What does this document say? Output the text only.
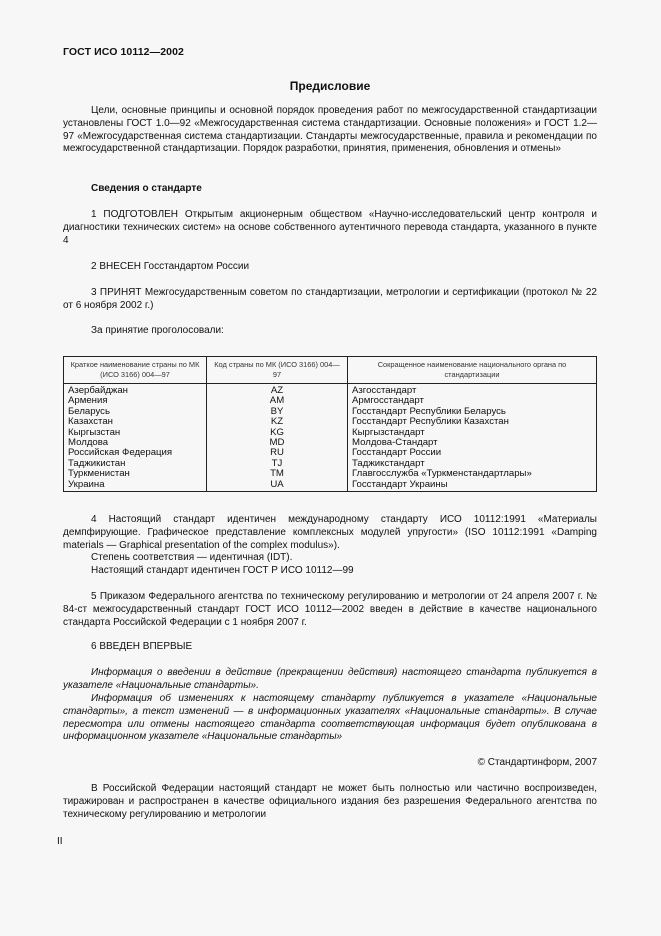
ГОСТ ИСО 10112—2002
Предисловие

Цели, основные принципы и основной порядок проведения работ по межгосударственной стандартизации установлены ГОСТ 1.0—92 «Межгосударственная система стандартизации. Основные положения» и ГОСТ 1.2—97 «Межгосударственная система стандартизации. Стандарты межгосударственные, правила и рекомендации по межгосударственной стандартизации. Порядок разработки, принятия, применения, обновления и отмены»

Сведения о стандарте

1 ПОДГОТОВЛЕН Открытым акционерным обществом «Научно-исследовательский центр контроля и диагностики технических систем» на основе собственного аутентичного перевода стандарта, указанного в пункте 4

2 ВНЕСЕН Госстандартом России

3 ПРИНЯТ Межгосударственным советом по стандартизации, метрологии и сертификации (протокол № 22 от 6 ноября 2002 г.)

За принятие проголосовали:

Краткое наименование страны по МК (ИСО 3166) 004—97	Код страны по МК (ИСО 3166) 004—97	Сокращенное наименование национального органа по стандартизации
Азербайджан	AZ	Азгосстандарт
Армения	AM	Армгосстандарт
Беларусь	BY	Госстандарт Республики Беларусь
Казахстан	KZ	Госстандарт Республики Казахстан
Кыргызстан	KG	Кыргызстандарт
Молдова	MD	Молдова-Стандарт
Российская Федерация	RU	Госстандарт России
Таджикистан	TJ	Таджикстандарт
Туркменистан	TM	Главгосслужба «Туркменстандартлары»
Украина	UA	Госстандарт Украины

4 Настоящий стандарт идентичен международному стандарту ИСО 10112:1991 «Материалы демпфирующие. Графическое представление комплексных модулей упругости» (ISO 10112:1991 «Damping materials — Graphical presentation of the complex modulus»).

Степень соответствия — идентичная (IDT).

Настоящий стандарт идентичен ГОСТ Р ИСО 10112—99

5 Приказом Федерального агентства по техническому регулированию и метрологии от 24 апреля 2007 г. № 84-ст межгосударственный стандарт ГОСТ ИСО 10112—2002 введен в действие в качестве национального стандарта Российской Федерации с 1 ноября 2007 г.

6 ВВЕДЕН ВПЕРВЫЕ

Информация о введении в действие (прекращении действия) настоящего стандарта публикуется в указателе «Национальные стандарты».

Информация об изменениях к настоящему стандарту публикуется в указателе «Национальные стандарты», а текст изменений — в информационных указателях «Национальные стандарты». В случае пересмотра или отмены настоящего стандарта соответствующая информация будет опубликована в информационном указателе «Национальные стандарты»

© Стандартинформ, 2007

В Российской Федерации настоящий стандарт не может быть полностью или частично воспроизведен, тиражирован и распространен в качестве официального издания без разрешения Федерального агентства по техническому регулированию и метрологии

II
